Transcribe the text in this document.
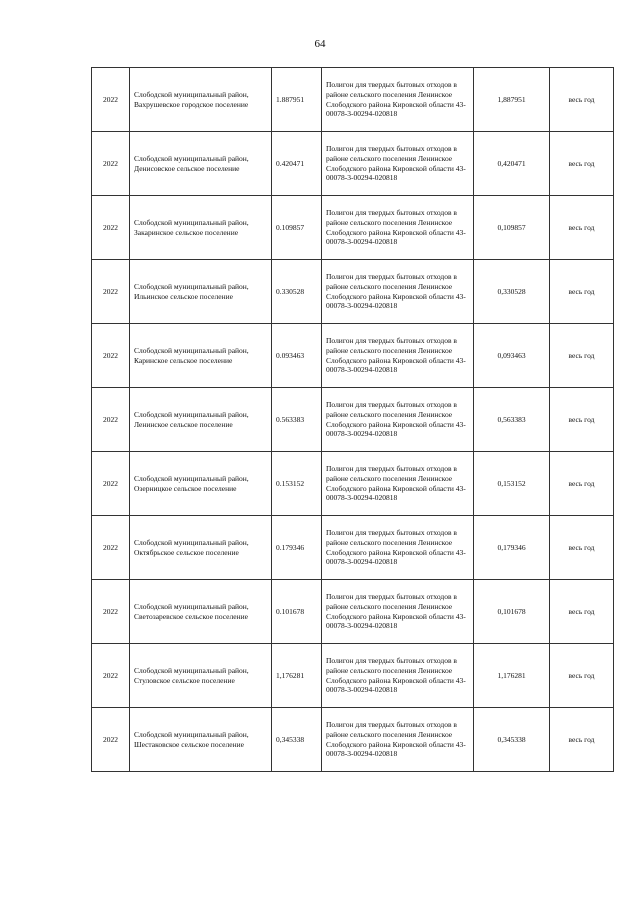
64
2022	Слободской муниципальный район, Вахрушевское городское поселение	1.887951	Полигон для твердых бытовых отходов в районе сельского поселения Ленинское Слободского района Кировской области 43-00078-3-00294-020818	1,887951	весь год
2022	Слободской муниципальный район, Денисовское сельское поселение	0.420471	Полигон для твердых бытовых отходов в районе сельского поселения Ленинское Слободского района Кировской области 43-00078-3-00294-020818	0,420471	весь год
2022	Слободской муниципальный район, Закаринское сельское поселение	0.109857	Полигон для твердых бытовых отходов в районе сельского поселения Ленинское Слободского района Кировской области 43-00078-3-00294-020818	0,109857	весь год
2022	Слободской муниципальный район, Ильинское сельское поселение	0.330528	Полигон для твердых бытовых отходов в районе сельского поселения Ленинское Слободского района Кировской области 43-00078-3-00294-020818	0,330528	весь год
2022	Слободской муниципальный район, Каринское сельское поселение	0.093463	Полигон для твердых бытовых отходов в районе сельского поселения Ленинское Слободского района Кировской области 43-00078-3-00294-020818	0,093463	весь год
2022	Слободской муниципальный район, Ленинское сельское поселение	0.563383	Полигон для твердых бытовых отходов в районе сельского поселения Ленинское Слободского района Кировской области 43-00078-3-00294-020818	0,563383	весь год
2022	Слободской муниципальный район, Озерницкое сельское поселение	0.153152	Полигон для твердых бытовых отходов в районе сельского поселения Ленинское Слободского района Кировской области 43-00078-3-00294-020818	0,153152	весь год
2022	Слободской муниципальный район, Октябрьское сельское поселение	0.179346	Полигон для твердых бытовых отходов в районе сельского поселения Ленинское Слободского района Кировской области 43-00078-3-00294-020818	0,179346	весь год
2022	Слободской муниципальный район, Светозаревское сельское поселение	0.101678	Полигон для твердых бытовых отходов в районе сельского поселения Ленинское Слободского района Кировской области 43-00078-3-00294-020818	0,101678	весь год
2022	Слободской муниципальный район, Стуловское сельское поселение	1,176281	Полигон для твердых бытовых отходов в районе сельского поселения Ленинское Слободского района Кировской области 43-00078-3-00294-020818	1,176281	весь год
2022	Слободской муниципальный район, Шестаковское сельское поселение	0,345338	Полигон для твердых бытовых отходов в районе сельского поселения Ленинское Слободского района Кировской области 43-00078-3-00294-020818	0,345338	весь год
